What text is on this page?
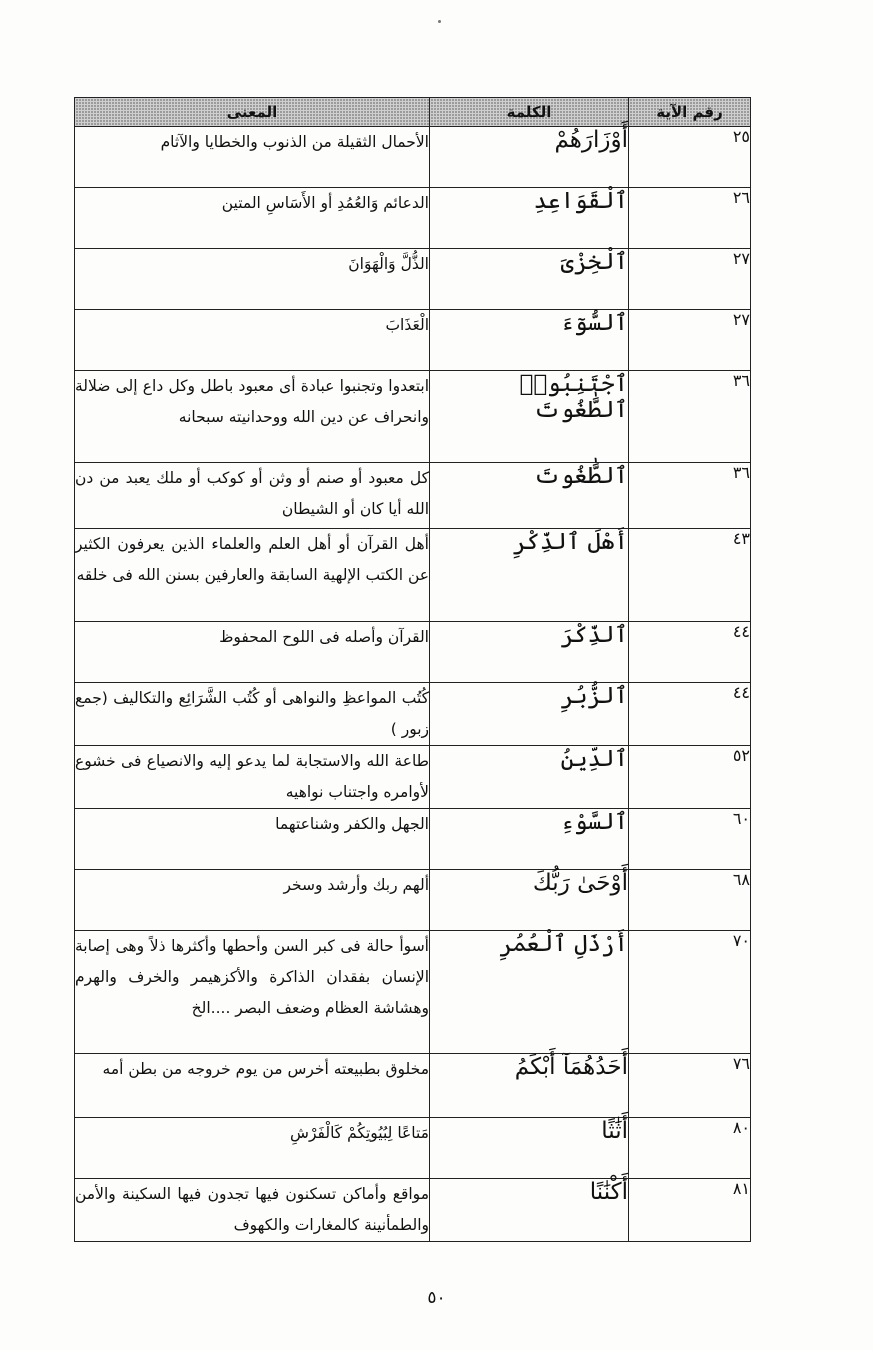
رقم الآية	الكلمة	المعنى
٢٥	أَوْزَارَهُمْ	الأحمال الثقيلة من الذنوب والخطايا والآثام

٢٦	ٱلْقَوَاعِدِ	الدعائم وَالعُمُدِ أو الأَسَاسِ المتين

٢٧	ٱلْخِزْىَ	الذُّلَّ وَالْهَوَانَ

٢٧	ٱلسُّوٓءَ	الْعَذَابَ

٣٦	ٱجْتَنِبُوا۟ ٱلطَّٰغُوتَ	ابتعدوا وتجنبوا عبادة أى معبود باطل وكل داع إلى ضلالة وانحراف عن دين الله ووحدانيته سبحانه

٣٦	ٱلطَّٰغُوتَ	كل معبود أو صنم أو وثن أو كوكب أو ملك يعبد من دن الله أيا كان أو الشيطان

٤٣	أَهْلَ ٱلذِّكْرِ	أهل القرآن أو أهل العلم والعلماء الذين يعرفون الكثير عن الكتب الإلهية السابقة والعارفين بسنن الله فى خلقه

٤٤	ٱلذِّكْرَ	القرآن وأصله فى اللوح المحفوظ

٤٤	ٱلزُّبُرِ	كُتُب المواعظِ والنواهى أو كُتُب الشَّرَائِع والتكاليف (جمع زبور )

٥٢	ٱلدِّينُ	طاعة الله والاستجابة لما يدعو إليه والانصياع فى خشوع لأوامره واجتناب نواهيه

٦٠	ٱلسَّوْءِ	الجهل والكفر وشناعتهما

٦٨	أَوْحَىٰ رَبُّكَ	ألهم ربك وأرشد وسخر

٧٠	أَرْذَلِ ٱلْعُمُرِ	أسوأ حالة فى كبر السن وأحطها وأكثرها ذلاً وهى إصابة الإنسان بفقدان الذاكرة والأكزهيمر والخرف والهرم وهشاشة العظام وضعف البصر ....الخ

٧٦	أَحَدُهُمَآ أَبْكَمُ	مخلوق بطبيعته أخرس من يوم خروجه من بطن أمه

٨٠	أَثَٰثًا	مَتاعًا لِبُيُوتِكُمْ كَالْفَرْشِ

٨١	أَكْنَٰنًا	مواقع وأماكن تسكنون فيها تجدون فيها السكينة والأمن والطمأنينة كالمغارات والكهوف
٥٠
